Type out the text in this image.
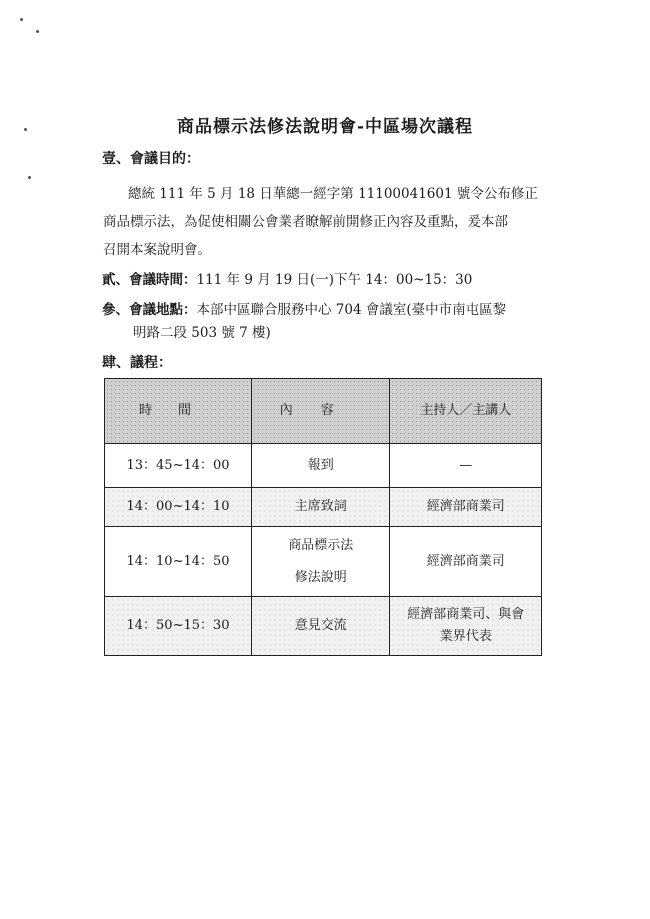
商品標示法修法說明會-中區場次議程
壹、會議目的：
總統 111 年 5 月 18 日華總一經字第 11100041601 號令公布修正
商品標示法，為促使相關公會業者瞭解前開修正內容及重點，爰本部
召開本案說明會。
貳、會議時間：111 年 9 月 19 日(一)下午 14：00~15：30
參、會議地點：本部中區聯合服務中心 704 會議室(臺中市南屯區黎
明路二段 503 號 7 樓)
肆、議程：
時間	內容	主持人／主講人
13：45~14：00	報到	—
14：00~14：10	主席致詞	經濟部商業司
14：10~14：50	商品標示法
修法說明	經濟部商業司
14：50~15：30	意見交流	經濟部商業司、與會
業界代表
